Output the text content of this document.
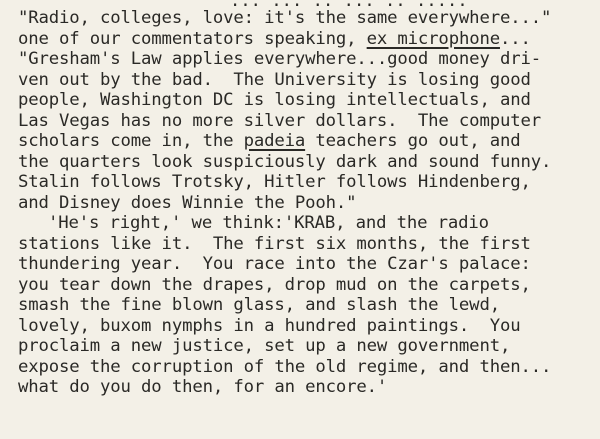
... ... .. ... .. .....
"Radio, colleges, love: it's the same everywhere..."
one of our commentators speaking, ex microphone...
"Gresham's Law applies everywhere...good money dri-
ven out by the bad.  The University is losing good
people, Washington DC is losing intellectuals, and
Las Vegas has no more silver dollars.  The computer
scholars come in, the padeia teachers go out, and
the quarters look suspiciously dark and sound funny.
Stalin follows Trotsky, Hitler follows Hindenberg,
and Disney does Winnie the Pooh."
'He's right,' we think:'KRAB, and the radio
stations like it.  The first six months, the first
thundering year.  You race into the Czar's palace:
you tear down the drapes, drop mud on the carpets,
smash the fine blown glass, and slash the lewd,
lovely, buxom nymphs in a hundred paintings.  You
proclaim a new justice, set up a new government,
expose the corruption of the old regime, and then...
what do you do then, for an encore.'
